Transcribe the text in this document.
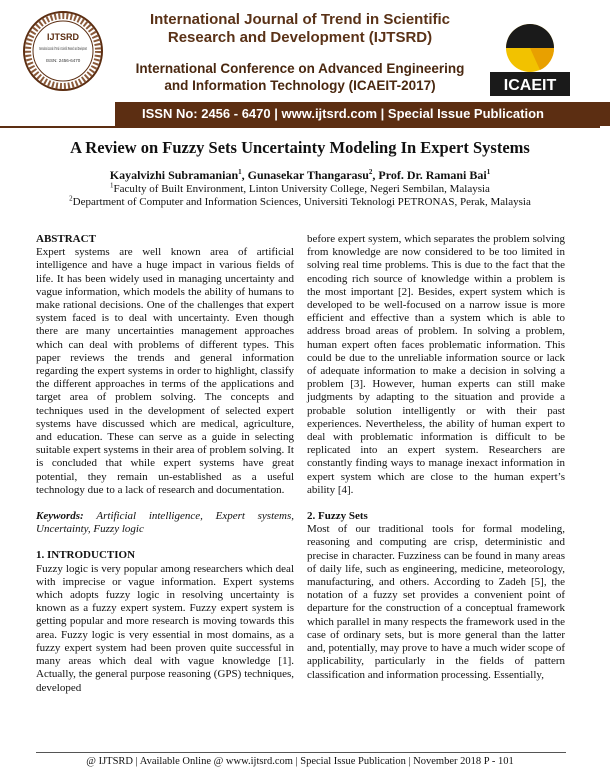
IJTSRD
International Journal of Trend in Scientific Research and Development
ISSN: 2456-6470
International Journal of Trend in Scientific
Research and Development (IJTSRD)
International Conference on Advanced Engineering
and Information Technology (ICAEIT-2017)	ICAEIT
ISSN No: 2456 - 6470 | www.ijtsrd.com | Special Issue Publication
A Review on Fuzzy Sets Uncertainty Modeling In Expert Systems
Kayalvizhi Subramanian$^1$, Gunasekar Thangarasu$^2$, Prof. Dr. Ramani Bai$^1$
$^1$Faculty of Built Environment, Linton University College, Negeri Sembilan, Malaysia
$^2$Department of Computer and Information Sciences, Universiti Teknologi PETRONAS, Perak, Malaysia

ABSTRACT

Expert systems are well known area of artificial intelligence and have a huge impact in various fields of life. It has been widely used in managing uncertainty and vague information, which models the ability of humans to make rational decisions. One of the challenges that expert system faced is to deal with uncertainty. Even though there are many uncertainties management approaches which can deal with problems of different types. This paper reviews the trends and general information regarding the expert systems in order to highlight, classify the different approaches in terms of the applications and target area of problem solving. The concepts and techniques used in the development of selected expert systems have discussed which are medical, agriculture, and education. These can serve as a guide in selecting suitable expert systems in their area of problem solving. It is concluded that while expert systems have great potential, they remain un-established as a useful technology due to a lack of research and documentation.

Keywords: Artificial intelligence, Expert systems, Uncertainty, Fuzzy logic

1. INTRODUCTION

Fuzzy logic is very popular among researchers which deal with imprecise or vague information. Expert systems which adopts fuzzy logic in resolving uncertainty is known as a fuzzy expert system. Fuzzy expert system is getting popular and more research is moving towards this area. Fuzzy logic is very essential in most domains, as a fuzzy expert system had been proven quite successful in many areas which deal with vague knowledge [1]. Actually, the general purpose reasoning (GPS) techniques, developed

before expert system, which separates the problem solving from knowledge are now considered to be too limited in solving real time problems. This is due to the fact that the encoding rich source of knowledge within a problem is the most important [2]. Besides, expert system which is developed to be well-focused on a narrow issue is more efficient and effective than a system which is able to address broad areas of problem. In solving a problem, human expert often faces problematic information. This could be due to the unreliable information source or lack of adequate information to make a decision in solving a problem [3]. However, human experts can still make judgments by adapting to the situation and provide a probable solution intelligently or with their past experiences. Nevertheless, the ability of human expert to deal with problematic information is difficult to be replicated into an expert system. Researchers are constantly finding ways to manage inexact information in expert system which are close to the human expert’s ability [4].

2. Fuzzy Sets

Most of our traditional tools for formal modeling, reasoning and computing are crisp, deterministic and precise in character. Fuzziness can be found in many areas of daily life, such as engineering, medicine, meteorology, manufacturing, and others. According to Zadeh [5], the notation of a fuzzy set provides a convenient point of departure for the construction of a conceptual framework which parallel in many respects the framework used in the case of ordinary sets, but is more general than the latter and, potentially, may prove to have a much wider scope of applicability, particularly in the fields of pattern classification and information processing. Essentially,

@ IJTSRD | Available Online @ www.ijtsrd.com | Special Issue Publication | November 2018 P - 101
